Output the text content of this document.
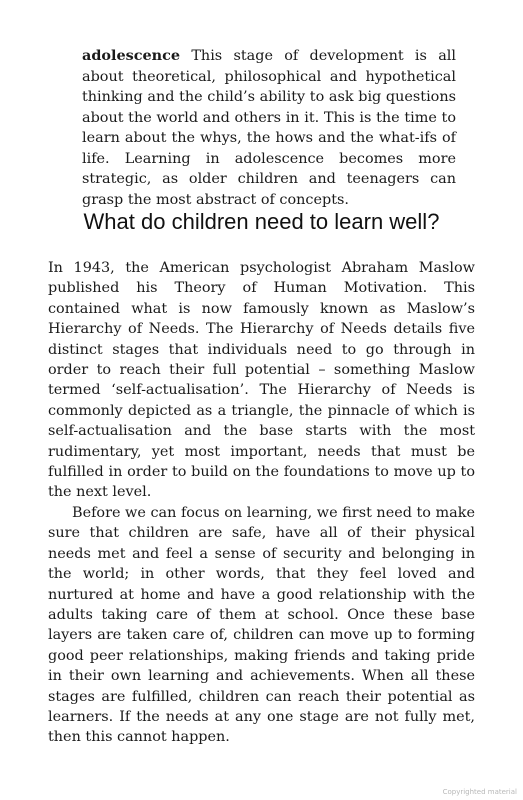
adolescence This stage of development is all about theoretical, philosophical and hypothetical thinking and the child’s ability to ask big questions about the world and others in it. This is the time to learn about the whys, the hows and the what-ifs of life. Learning in adolescence becomes more strategic, as older children and teenagers can grasp the most abstract of concepts.
What do children need to learn well?

In 1943, the American psychologist Abraham Maslow published his Theory of Human Motivation. This contained what is now famously known as Maslow’s Hierarchy of Needs. The Hierarchy of Needs details five distinct stages that individuals need to go through in order to reach their full potential – something Maslow termed ‘self-actualisation’. The Hierarchy of Needs is commonly depicted as a triangle, the pinnacle of which is self-actualisation and the base starts with the most rudimentary, yet most important, needs that must be fulfilled in order to build on the foundations to move up to the next level.

Before we can focus on learning, we first need to make sure that children are safe, have all of their physical needs met and feel a sense of security and belonging in the world; in other words, that they feel loved and nurtured at home and have a good relationship with the adults taking care of them at school. Once these base layers are taken care of, children can move up to forming good peer relationships, making friends and taking pride in their own learning and achievements. When all these stages are fulfilled, children can reach their potential as learners. If the needs at any one stage are not fully met, then this cannot happen.

Copyrighted material
